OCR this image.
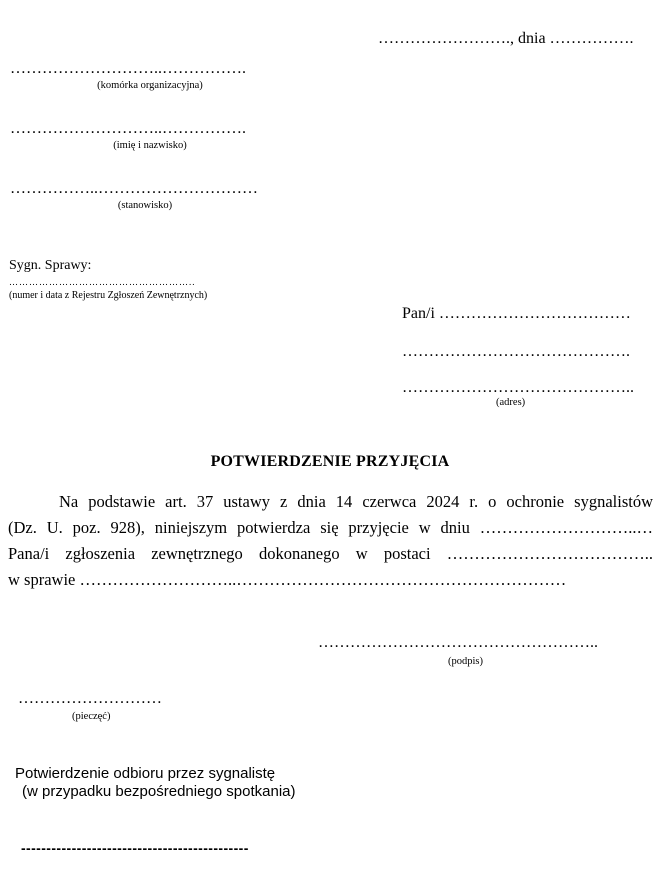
……………………., dnia …………….
………………………..…………….
(komórka organizacyjna)
………………………..…………….
(imię i nazwisko)
……………..…………………………
(stanowisko)
Sygn. Sprawy:
………………………………………………..
(numer i data z Rejestru Zgłoszeń Zewnętrznych)
Pan/i ………………………………
…………………………………….
……………………………………..
(adres)
POTWIERDZENIE PRZYJĘCIA
Na podstawie art. 37 ustawy z dnia 14 czerwca 2024 r. o ochronie sygnalistów
(Dz. U. poz. 928), niniejszym potwierdza się przyjęcie w dniu ………………………..…
Pana/i zgłoszenia zewnętrznego dokonanego w postaci ………………………………..
w sprawie ………………………..……………………………………………………
……………………………………………..
(podpis)
………………………
(pieczęć)
Potwierdzenie odbioru przez sygnalistę
(w przypadku bezpośredniego spotkania)
---------------------------------------------
